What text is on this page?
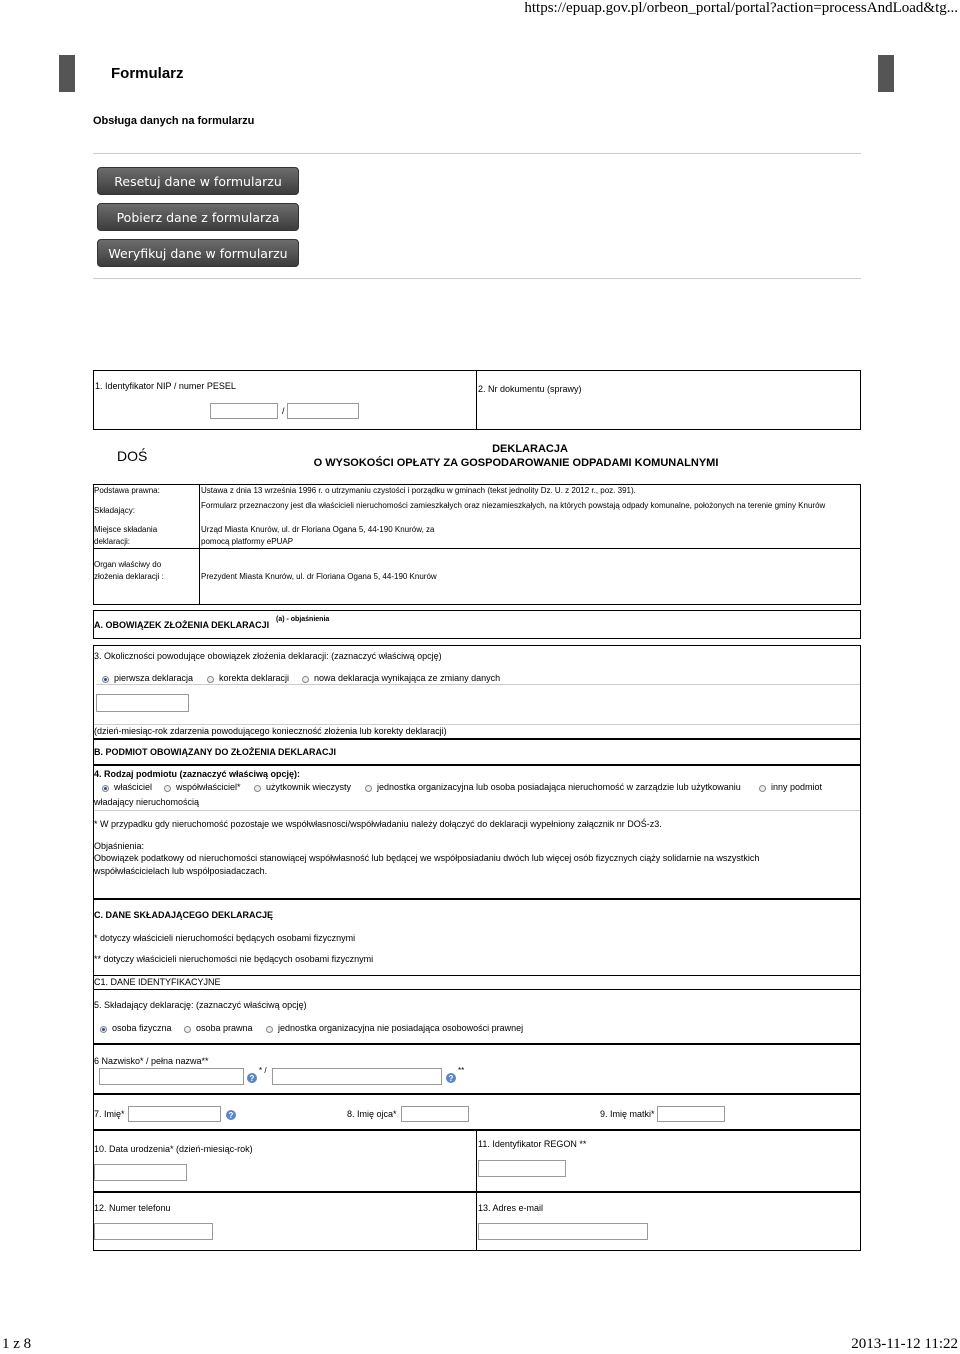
https://epuap.gov.pl/orbeon_portal/portal?action=processAndLoad&tg...
Formularz
Obsługa danych na formularzu
Resetuj dane w formularzu
Pobierz dane z formularza
Weryfikuj dane w formularzu
1. Identyfikator NIP / numer PESEL
/
2. Nr dokumentu (sprawy)
DOŚ	DEKLARACJA
O WYSOKOŚCI OPŁATY ZA GOSPODAROWANIE ODPADAMI KOMUNALNYMI
Podstawa prawna:	Ustawa z dnia 13 września 1996 r. o utrzymaniu czystości i porządku w gminach (tekst jednolity Dz. U. z 2012 r., poz. 391).
Składający:
Formularz przeznaczony jest dla właścicieli nieruchomości zamieszkałych oraz niezamieszkałych, na których powstają odpady komunalne, położonych na terenie gminy Knurów
Miejsce składania deklaracji:
Urząd Miasta Knurów, ul. dr Floriana Ogana 5, 44-190 Knurów, za pomocą platformy ePUAP
Organ właściwy do złożenia deklaracji :	Prezydent Miasta Knurów, ul. dr Floriana Ogana 5, 44-190 Knurów
A. OBOWIĄZEK ZŁOŻENIA DEKLARACJI
(a) - objaśnienia
3. Okoliczności powodujące obowiązek złożenia deklaracji: (zaznaczyć właściwą opcję)
pierwsza deklaracja	korekta deklaracji	nowa deklaracja wynikająca ze zmiany danych
(dzień-miesiąc-rok zdarzenia powodującego konieczność złożenia lub korekty deklaracji)
B. PODMIOT OBOWIĄZANY DO ZŁOŻENIA DEKLARACJI
4. Rodzaj podmiotu (zaznaczyć właściwą opcję):
właściciel	współwłaściciel*	użytkownik wieczysty	jednostka organizacyjna lub osoba posiadająca nieruchomość w zarządzie lub użytkowaniu	inny podmiot
władający nieruchomością
* W przypadku gdy nieruchomość pozostaje we współwłasnosci/współwładaniu należy dołączyć do deklaracji wypełniony załącznik nr DOŚ-z3.
Objaśnienia:
Obowiązek podatkowy od nieruchomości stanowiącej współwłasność lub będącej we współposiadaniu dwóch lub więcej osób fizycznych ciąży solidarnie na wszystkich
współwłaścicielach lub współposiadaczach.
C. DANE SKŁADAJĄCEGO DEKLARACJĘ
* dotyczy właścicieli nieruchomości będących osobami fizycznymi
** dotyczy właścicieli nieruchomości nie będących osobami fizycznymi
C1. DANE IDENTYFIKACYJNE
5. Składający deklarację: (zaznaczyć właściwą opcję)
osoba fizyczna	osoba prawna	jednostka organizacyjna nie posiadająca osobowości prawnej
6 Nazwisko* / pełna nazwa**
?
* /
?
**
7. Imię*	?	8. Imię ojca*	9. Imię matki*
10. Data urodzenia* (dzień-miesiąc-rok)	11. Identyfikator REGON **
12. Numer telefonu	13. Adres e-mail
1 z 8	2013-11-12 11:22
